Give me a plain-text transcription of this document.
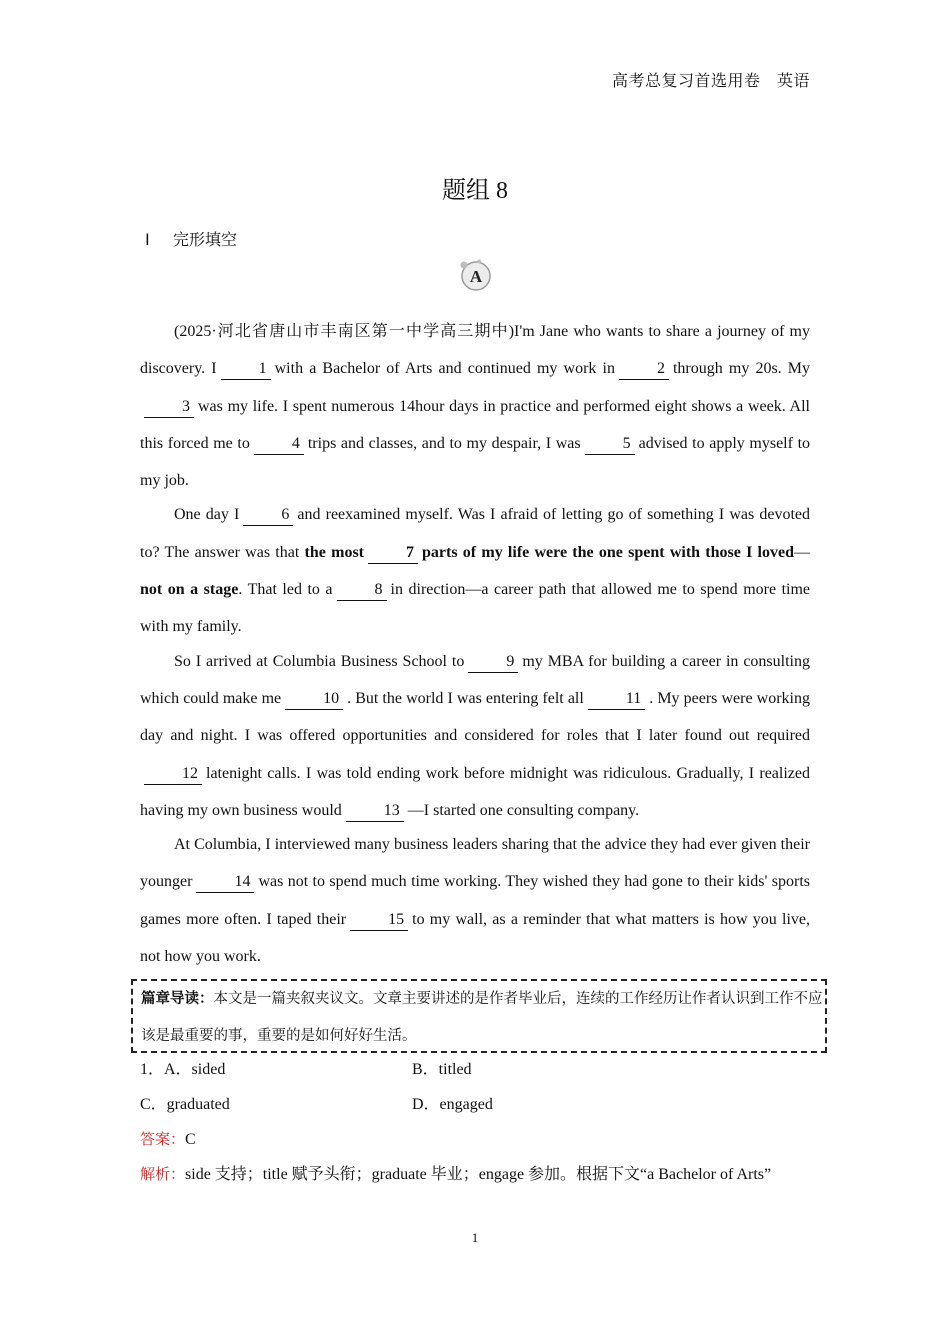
高考总复习首选用卷　英语
题组 8
Ⅰ 完形填空
A

(2025·河北省唐山市丰南区第一中学高三期中)I'm Jane who wants to share a journey of my discovery. I	1 with a Bachelor of Arts and continued my work in	2 through my 20s. My 3 was my life. I spent numerous 14hour days in practice and performed eight shows a week. All this forced me to	4 trips and classes, and to my despair, I was	5 advised to apply myself to my job.

One day I	6 and reexamined myself. Was I afraid of letting go of something I was devoted to? The answer was that the most	7 parts of my life were the one spent with those I loved—not on a stage. That led to a	8 in direction—a career path that allowed me to spend more time with my family.

So I arrived at Columbia Business School to	9 my MBA for building a career in consulting which could make me	10 . But the world I was entering felt all	11 . My peers were working day and night. I was offered opportunities and considered for roles that I later found out required12 latenight calls. I was told ending work before midnight was ridiculous. Gradually, I realized having my own business would	13 —I started one consulting company.

At Columbia, I interviewed many business leaders sharing that the advice they had ever given their younger	14 was not to spend much time working. They wished they had gone to their kids' sports games more often. I taped their	15 to my wall, as a reminder that what matters is how you live, not how you work.

篇章导读：本文是一篇夹叙夹议文。文章主要讲述的是作者毕业后，连续的工作经历让作者认识到工作不应该是最重要的事，重要的是如何好好生活。
1．A．sided	B．titled
C．graduated	D．engaged
答案：C
解析：side 支持；title 赋予头衔；graduate 毕业；engage 参加。根据下文“a Bachelor of Arts”
1
